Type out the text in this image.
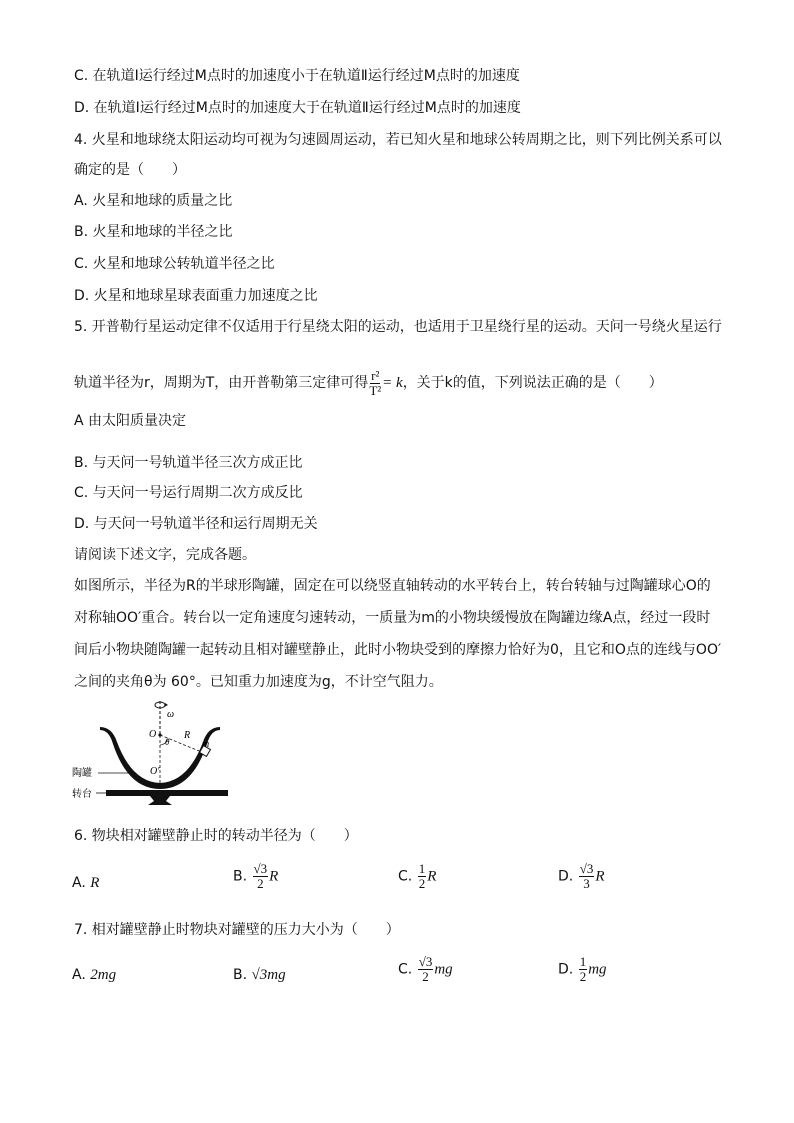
C. 在轨道Ⅰ运行经过M点时的加速度小于在轨道Ⅱ运行经过M点时的加速度
D. 在轨道Ⅰ运行经过M点时的加速度大于在轨道Ⅱ运行经过M点时的加速度
4. 火星和地球绕太阳运动均可视为匀速圆周运动，若已知火星和地球公转周期之比，则下列比例关系可以
确定的是（　　）
A. 火星和地球的质量之比
B. 火星和地球的半径之比
C. 火星和地球公转轨道半径之比
D. 火星和地球星球表面重力加速度之比
5. 开普勒行星运动定律不仅适用于行星绕太阳的运动，也适用于卫星绕行星的运动。天问一号绕火星运行
轨道半径为r，周期为T，由开普勒第三定律可得 $\frac{\text{r²}}{\text{T²}} = k$，关于k的值，下列说法正确的是（　　）
A 由太阳质量决定
B. 与天问一号轨道半径三次方成正比
C. 与天问一号运行周期二次方成反比
D. 与天问一号轨道半径和运行周期无关
请阅读下述文字，完成各题。
如图所示，半径为R的半球形陶罐，固定在可以绕竖直轴转动的水平转台上，转台转轴与过陶罐球心O的
对称轴OO′重合。转台以一定角速度匀速转动，一质量为m的小物块缓慢放在陶罐边缘A点，经过一段时
间后小物块随陶罐一起转动且相对罐壁静止，此时小物块受到的摩擦力恰好为0，且它和O点的连线与OO′
之间的夹角θ为 60°。已知重力加速度为g，不计空气阻力。
ω
O
θ
R
m
O′
陶罐
转台
6. 物块相对罐壁静止时的转动半径为（　　）
A. R	B. $\frac{√3}{2}$ R	C. $\frac{1}{2}$ R	D. $\frac{√3}{3}$ R
7. 相对罐壁静止时物块对罐壁的压力大小为（　　）
A. 2mg	B. √3mg	C. $\frac{√3}{2}$ mg	D. $\frac{1}{2}$ mg
